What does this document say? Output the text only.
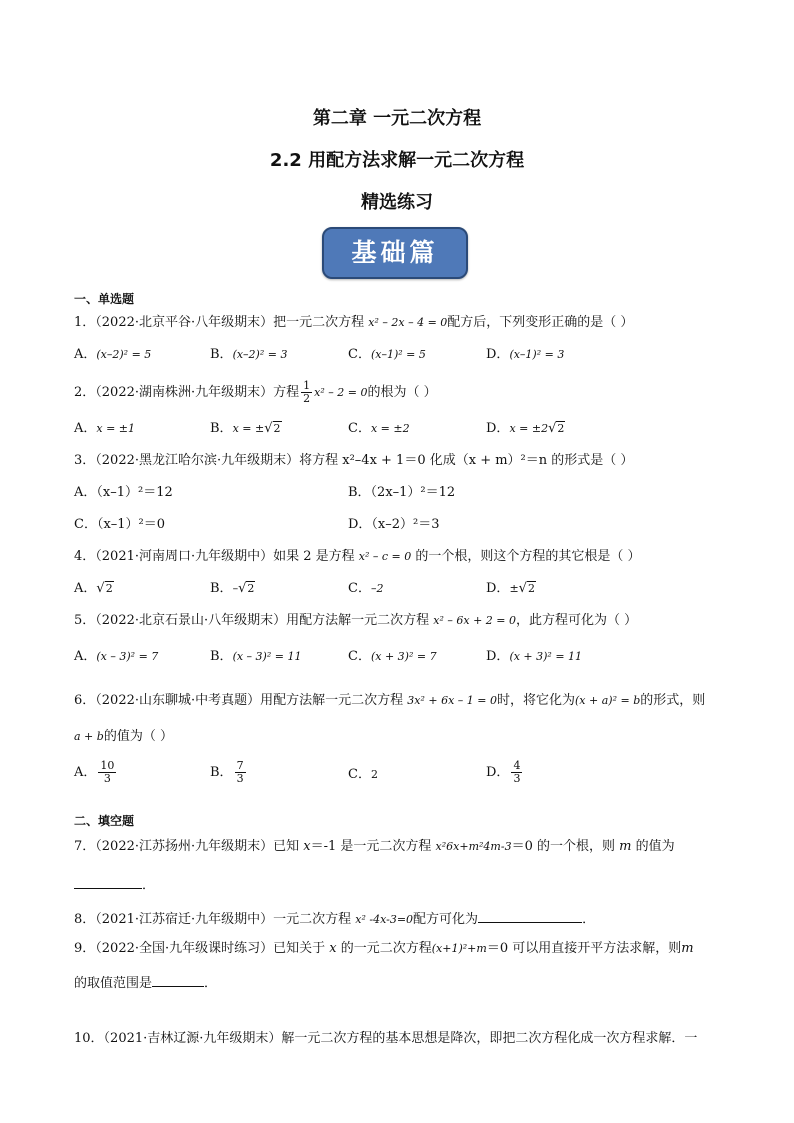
第二章 一元二次方程
2.2 用配方法求解一元二次方程
精选练习
基础篇
一、单选题
1．（2022·北京平谷·八年级期末）把一元二次方程 x² – 2x – 4 = 0配方后，下列变形正确的是（ ）
A．(x–2)² = 5	B．(x–2)² = 3	C．(x–1)² = 5	D．(x–1)² = 3
2．（2022·湖南株洲·九年级期末）方程 $\frac{1}{2} x^2 - 2 = 0$的根为（ ）
A．x = ±1	B．x = ±√2	C．x = ±2	D．x = ±2√2
3．（2022·黑龙江哈尔滨·九年级期末）将方程 x²–4x + 1＝0 化成（x + m）²＝n 的形式是（ ）
A．（x–1）²＝12	B．（2x–1）²＝12
C．（x–1）²＝0	D．（x–2）²＝3
4．（2021·河南周口·九年级期中）如果 2 是方程 x² – c = 0 的一个根，则这个方程的其它根是（ ）
A．√2	B．–√2	C．–2	D．±√2
5．（2022·北京石景山·八年级期末）用配方法解一元二次方程 x² – 6x + 2 = 0，此方程可化为（ ）
A．(x – 3)² = 7	B．(x – 3)² = 11	C．(x + 3)² = 7	D．(x + 3)² = 11
6．（2022·山东聊城·中考真题）用配方法解一元二次方程 3x² + 6x – 1 = 0时，将它化为(x + a)² = b的形式，则
a + b的值为（ ）
A． $\frac{10}{3}$	B． $\frac{7}{3}$	C．2	D． $\frac{4}{3}$
二、填空题
7．（2022·江苏扬州·九年级期末）已知 x＝-1 是一元二次方程 x²6x+m²4m-3＝0 的一个根，则 m 的值为
．
8．（2021·江苏宿迁·九年级期中）一元二次方程 x² -4x-3=0配方可化为	．
9．（2022·全国·九年级课时练习）已知关于 x 的一元二次方程(x+1)²+m＝0 可以用直接开平方法求解，则m
的取值范围是	．
10．（2021·吉林辽源·九年级期末）解一元二次方程的基本思想是降次，即把二次方程化成一次方程求解．一
